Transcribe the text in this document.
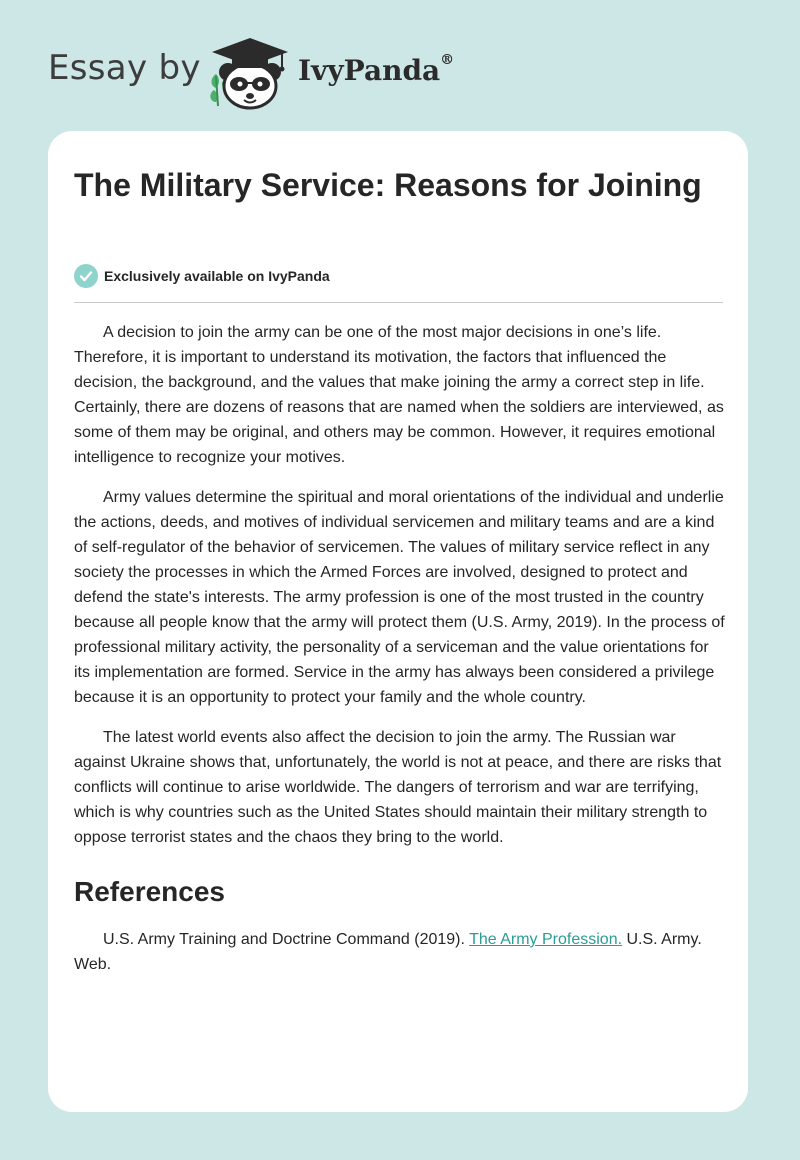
Essay by	IvyPanda®
The Military Service: Reasons for Joining
Exclusively available on IvyPanda

A decision to join the army can be one of the most major decisions in one’s life. Therefore, it is important to understand its motivation, the factors that influenced the decision, the background, and the values that make joining the army a correct step in life. Certainly, there are dozens of reasons that are named when the soldiers are interviewed, as some of them may be original, and others may be common. However, it requires emotional intelligence to recognize your motives.

Army values determine the spiritual and moral orientations of the individual and underlie the actions, deeds, and motives of individual servicemen and military teams and are a kind of self-regulator of the behavior of servicemen. The values of military service reflect in any society the processes in which the Armed Forces are involved, designed to protect and defend the state's interests. The army profession is one of the most trusted in the country because all people know that the army will protect them (U.S. Army, 2019). In the process of professional military activity, the personality of a serviceman and the value orientations for its implementation are formed. Service in the army has always been considered a privilege because it is an opportunity to protect your family and the whole country.

The latest world events also affect the decision to join the army. The Russian war against Ukraine shows that, unfortunately, the world is not at peace, and there are risks that conflicts will continue to arise worldwide. The dangers of terrorism and war are terrifying, which is why countries such as the United States should maintain their military strength to oppose terrorist states and the chaos they bring to the world.

References

U.S. Army Training and Doctrine Command (2019). The Army Profession. U.S. Army. Web.
